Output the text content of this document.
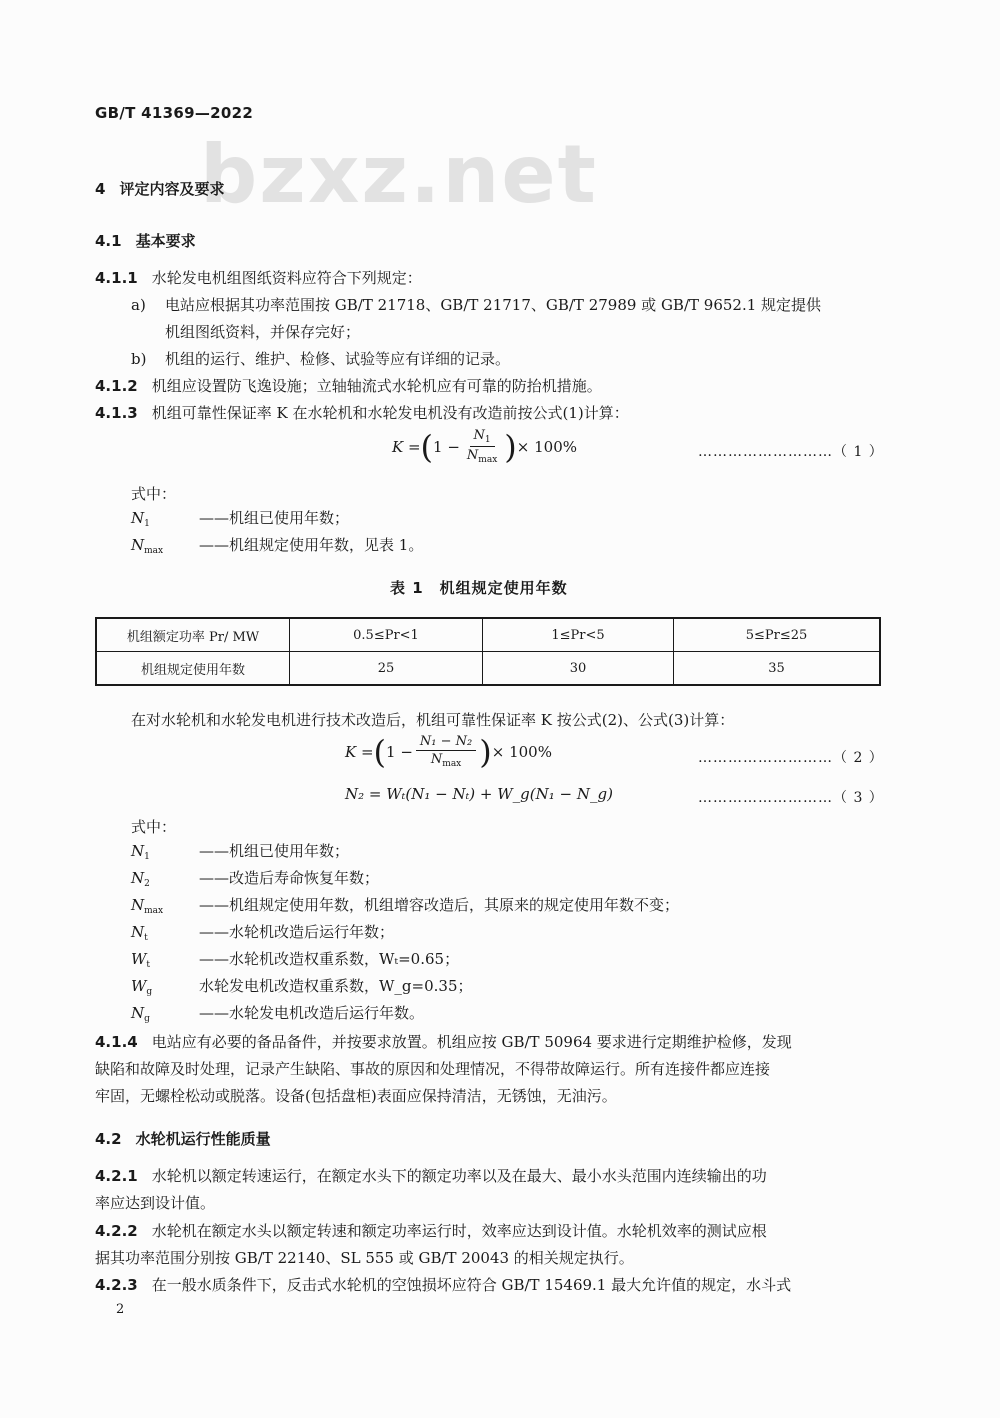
bzxz.net
GB/T 41369—2022
4 评定内容及要求
4.1 基本要求
4.1.1 水轮发电机组图纸资料应符合下列规定：
a) 电站应根据其功率范围按 GB/T 21718、GB/T 21717、GB/T 27989 或 GB/T 9652.1 规定提供
机组图纸资料，并保存完好；
b) 机组的运行、维护、检修、试验等应有详细的记录。
4.1.2 机组应设置防飞逸设施；立轴轴流式水轮机应有可靠的防抬机措施。
4.1.3 机组可靠性保证率 K 在水轮机和水轮发电机没有改造前按公式(1)计算：
K = ( $1 - \frac{N_1}{N_{max}}$ ) × 100%	………………………（ 1 ）
式中：
$N_1$	——机组已使用年数；
$N_{max}$ ——机组规定使用年数，见表 1。
表 1　机组规定使用年数
机组额定功率 Pr/ MW	0.5≤Pr<1	1≤Pr<5	5≤Pr≤25
机组规定使用年数	25	30	35
在对水轮机和水轮发电机进行技术改造后，机组可靠性保证率 K 按公式(2)、公式(3)计算：
K = ( $1 - \frac{\text{N₁ − N₂}}{N_{max}}$ ) × 100%	………………………（ 2 ）
N₂ = Wₜ(N₁ − Nₜ) + W_g(N₁ − N_g)	………………………（ 3 ）
式中：
$N_1$	——机组已使用年数；
$N_2$	——改造后寿命恢复年数；
$N_{max}$ ——机组规定使用年数，机组增容改造后，其原来的规定使用年数不变；
$N_t$	——水轮机改造后运行年数；
$W_t$	——水轮机改造权重系数，Wₜ=0.65；
$W_g$	水轮发电机改造权重系数，W_g=0.35；
$N_g$	——水轮发电机改造后运行年数。
4.1.4 电站应有必要的备品备件，并按要求放置。机组应按 GB/T 50964 要求进行定期维护检修，发现
缺陷和故障及时处理，记录产生缺陷、事故的原因和处理情况，不得带故障运行。所有连接件都应连接
牢固，无螺栓松动或脱落。设备(包括盘柜)表面应保持清洁，无锈蚀，无油污。
4.2 水轮机运行性能质量
4.2.1 水轮机以额定转速运行，在额定水头下的额定功率以及在最大、最小水头范围内连续输出的功
率应达到设计值。
4.2.2 水轮机在额定水头以额定转速和额定功率运行时，效率应达到设计值。水轮机效率的测试应根
据其功率范围分别按 GB/T 22140、SL 555 或 GB/T 20043 的相关规定执行。
4.2.3 在一般水质条件下，反击式水轮机的空蚀损坏应符合 GB/T 15469.1 最大允许值的规定，水斗式
2
